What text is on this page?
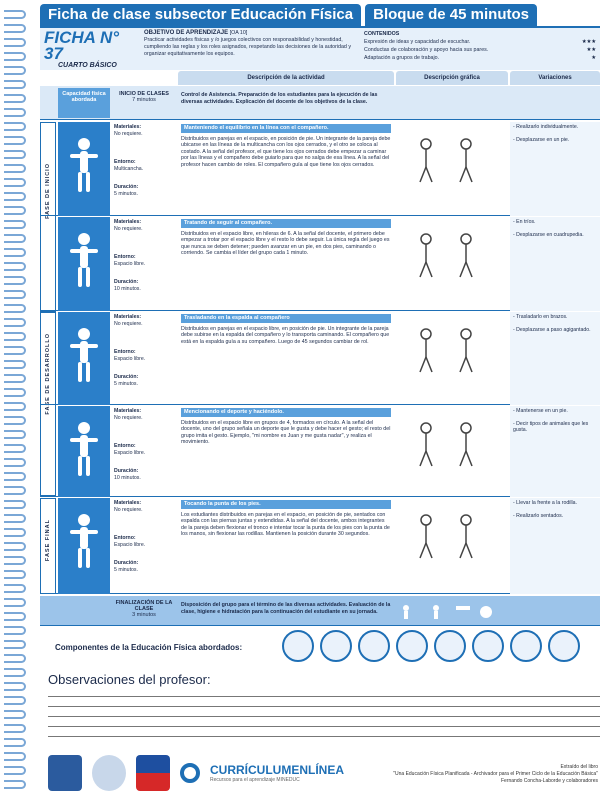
Ficha de clase subsector Educación Física	Bloque de 45 minutos
FICHA N° 37
CUARTO BÁSICO
OBJETIVO DE APRENDIZAJE [OA 10]
Practicar actividades físicas y /o juegos colectivos con responsabilidad y honestidad, cumpliendo las reglas y los roles asignados, respetando las decisiones de la autoridad y organizar equitativamente los equipos.
CONTENIDOS
Expresión de ideas y capacidad de escuchar.	★★★
Conductas de colaboración y apoyo hacia sus pares.	★★
Adaptación a grupos de trabajo.	★
Descripción de la actividad	Descripción gráfica	Variaciones
Capacidad física abordada
INICIO DE CLASES
7 minutos
Control de Asistencia. Preparación de los estudiantes para la ejecución de las diversas actividades. Explicación del docente de los objetivos de la clase.
FASE DE INICIO
FASE DE DESARROLLO
FASE FINAL
Materiales:
No requiere.
Entorno:
Multicancha.
Duración:
5 minutos.
Manteniendo el equilibrio en la línea con el compañero.
Distribuidos en parejas en el espacio, en posición de pie. Un integrante de la pareja debe ubicarse en las líneas de la multicancha con los ojos cerrados, y el otro se coloca al costado. A la señal del profesor, el que tiene los ojos cerrados debe empezar a caminar por las líneas y el compañero debe guiarlo para que no salga de esa línea. A la señal del profesor hacen cambio de roles. El compañero guía al que tiene los ojos cerrados.
- Realizarlo individualmente.
- Desplazarse en un pie.
Materiales:
No requiere.
Entorno:
Espacio libre.
Duración:
10 minutos.
Tratando de seguir al compañero.
Distribuidos en el espacio libre, en hileras de 6. A la señal del docente, el primero debe empezar a trotar por el espacio libre y el resto lo debe seguir. La única regla del juego es que nunca se deben detener; pueden avanzar en un pie, en dos pies, caminando o corriendo. Se cambia el líder del grupo cada 1 minuto.
- En tríos.
- Desplazarse en cuadrupedia.
Materiales:
No requiere.
Entorno:
Espacio libre.
Duración:
5 minutos.
Trasladando en la espalda al compañero
Distribuidos en parejas en el espacio libre, en posición de pie. Un integrante de la pareja debe subirse en la espalda del compañero y lo transporta caminando. El compañero que está en la espalda guía a su compañero. Luego de 45 segundos cambiar de rol.
- Trasladarlo en brazos.
- Desplazarse a paso agigantado.
Materiales:
No requiere.
Entorno:
Espacio libre.
Duración:
10 minutos.
Mencionando el deporte y haciéndolo.
Distribuidos en el espacio libre en grupos de 4, formados en círculo. A la señal del docente, uno del grupo señala un deporte que le gusta y debe hacer el gesto; el resto del grupo imita el gesto. Ejemplo, "mi nombre es Juan y me gusta nadar", y realiza el movimiento.
- Mantenerse en un pie.
- Decir tipos de animales que les gusta.
Materiales:
No requiere.
Entorno:
Espacio libre.
Duración:
5 minutos.
Tocando la punta de los pies.
Los estudiantes distribuidos en parejas en el espacio, en posición de pie, sentados con espalda con las piernas juntas y extendidas. A la señal del docente, ambos integrantes de la pareja deben flexionar el tronco e intentar tocar la punta de los pies con la punta de los manos, sin flexionar las rodillas. Mantienen la posición durante 30 segundos.
- Llevar la frente a la rodilla.
- Realizarlo sentados.
FINALIZACIÓN DE LA CLASE
3 minutos
Disposición del grupo para el término de las diversas actividades. Evaluación de la clase, higiene e hidratación para la continuación del estudiante en su jornada.
Componentes de la Educación Física abordados:
Observaciones del profesor:
CURRÍCULUMENLÍNEA
Recursos para el aprendizaje MINEDUC
Extraído del libro
"Una Educación Física Planificada - Archivador para el Primer Ciclo de la Educación Básica"
Fernando Concha-Laborde y colaboradores
